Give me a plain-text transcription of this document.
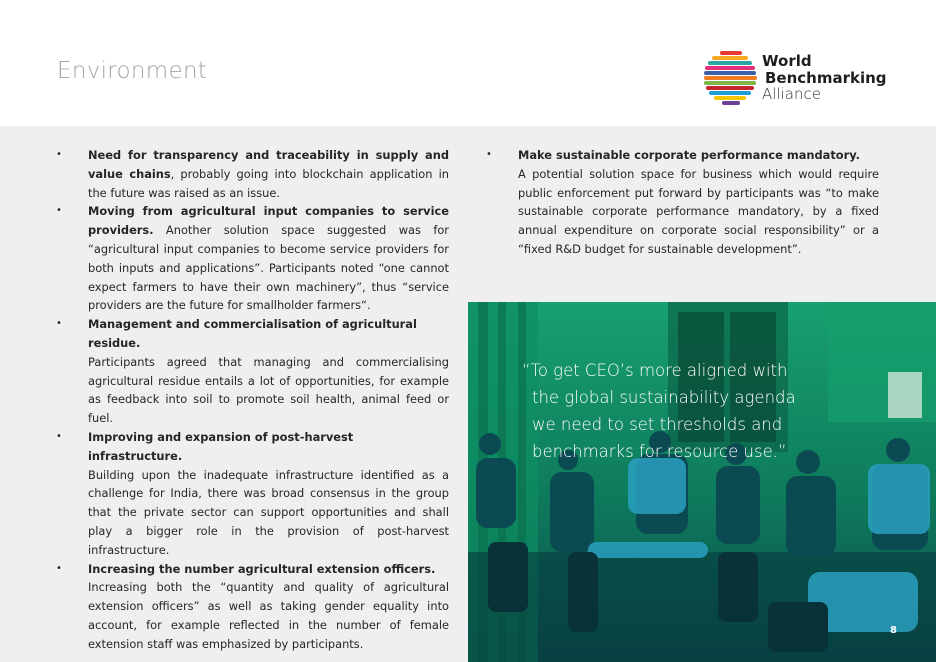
Environment	World
Benchmarking
Alliance
• Need for transparency and traceability in supply and value chains, probably going into blockchain application in the future was raised as an issue.
• Moving from agricultural input companies to service providers. Another solution space suggested was for “agricultural input companies to become service providers for both inputs and applications”. Participants noted “one cannot expect farmers to have their own machinery”, thus “service providers are the future for smallholder farmers“.
• Management and commercialisation of agricultural residue.
Participants agreed that managing and commercialising agricultural residue entails a lot of opportunities, for example as feedback into soil to promote soil health, animal feed or fuel.
• Improving and expansion of post-harvest infrastructure.
Building upon the inadequate infrastructure identified as a challenge for India, there was broad consensus in the group that the private sector can support opportunities and shall play a bigger role in the provision of post-harvest infrastructure.
• Increasing the number agricultural extension officers.
Increasing both the “quantity and quality of agricultural extension officers” as well as taking gender equality into account, for example reflected in the number of female extension staff was emphasized by participants.
• Make sustainable corporate performance mandatory.
A potential solution space for business which would require public enforcement put forward by participants was “to make sustainable corporate performance mandatory, by a fixed annual expenditure on corporate social responsibility” or a “fixed R&D budget for sustainable development”.
“To get CEO’s more aligned with
the global sustainability agenda
we need to set thresholds and
benchmarks for resource use.”
8
